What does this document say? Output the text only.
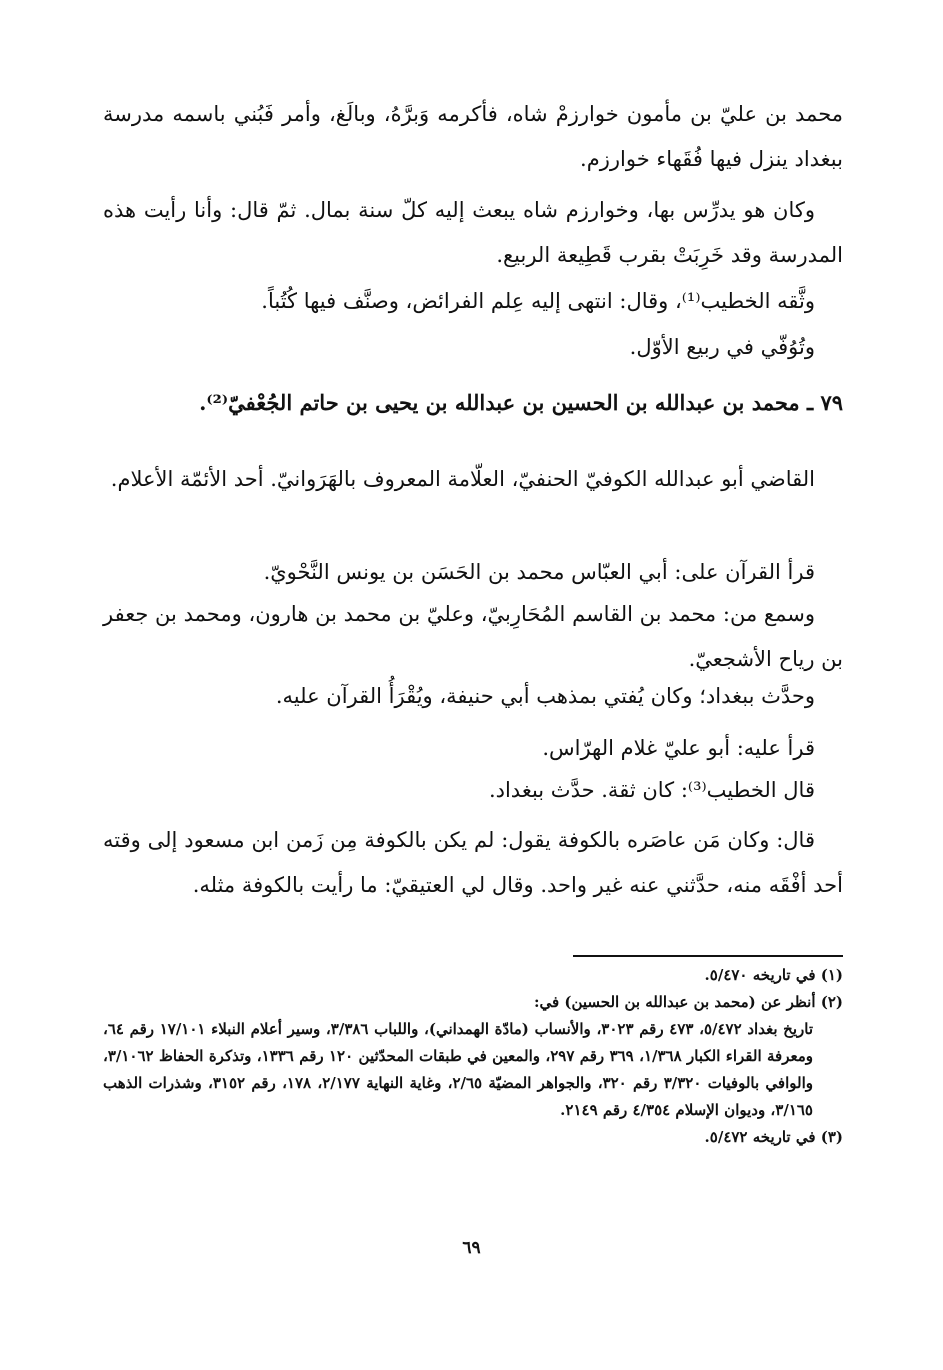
محمد بن عليّ بن مأمون خوارزمْ شاه، فأكرمه وَبرَّهُ، وبالَغ، وأمر فَبُني باسمه مدرسة ببغداد ينزل فيها فُقَهاء خوارزم.
وكان هو يدرِّس بها، وخوارزم شاه يبعث إليه كلّ سنة بمال. ثمّ قال: وأنا رأيت هذه المدرسة وقد خَرِبَتْ بقرب قَطِيعة الربيع.
وثَّقه الخطيب⁽¹⁾، وقال: انتهى إليه عِلم الفرائض، وصنَّف فيها كُتُباً.
وتُوُفّي في ربيع الأوّل.
٧٩ ـ محمد بن عبدالله بن الحسين بن عبدالله بن يحيى بن حاتم الجُعْفيّ⁽²⁾.
القاضي أبو عبدالله الكوفيّ الحنفيّ، العلّامة المعروف بالهَرَوانيّ. أحد الأئمّة الأعلام.
قرأ القرآن على: أبي العبّاس محمد بن الحَسَن بن يونس النَّحْويّ.
وسمع من: محمد بن القاسم المُحَارِبيّ، وعليّ بن محمد بن هارون، ومحمد بن جعفر بن رياح الأشجعيّ.
وحدَّث ببغداد؛ وكان يُفتي بمذهب أبي حنيفة، ويُقْرَأُ القرآن عليه.
قرأ عليه: أبو عليّ غلام الهرّاس.
قال الخطيب⁽³⁾: كان ثقة. حدَّث ببغداد.
قال: وكان مَن عاصَره بالكوفة يقول: لم يكن بالكوفة مِن زَمن ابن مسعود إلى وقته أحد أفْقَه منه، حدَّثني عنه غير واحد. وقال لي العتيقيّ: ما رأيت بالكوفة مثله.
(١) في تاريخه ٥/٤٧٠.
(٢) أنظر عن (محمد بن عبدالله بن الحسين) في:
تاريخ بغداد ٥/٤٧٢، ٤٧٣ رقم ٣٠٢٣، والأنساب (مادّة الهمداني)، واللباب ٣/٣٨٦، وسير أعلام النبلاء ١٧/١٠١ رقم ٦٤، ومعرفة القراء الكبار ١/٣٦٨، ٣٦٩ رقم ٢٩٧، والمعين في طبقات المحدّثين ١٢٠ رقم ١٣٣٦، وتذكرة الحفاظ ٣/١٠٦٢، والوافي بالوفيات ٣/٣٢٠ رقم ٣٢٠، والجواهر المضيّة ٢/٦٥، وغاية النهاية ٢/١٧٧، ١٧٨، رقم ٣١٥٢، وشذرات الذهب ٣/١٦٥، وديوان الإسلام ٤/٣٥٤ رقم ٢١٤٩.
(٣) في تاريخه ٥/٤٧٢.
٦٩
